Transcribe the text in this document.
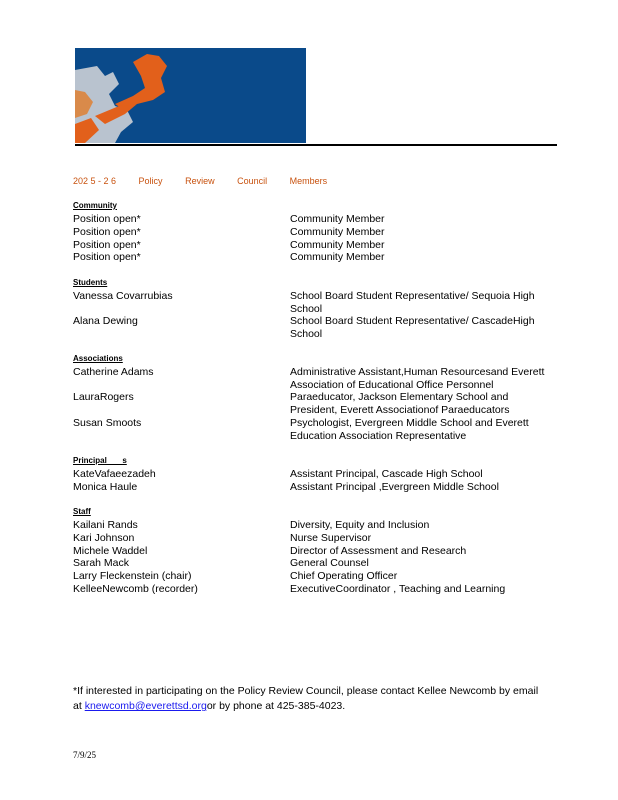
202 5 - 2 6	Policy	Review	Council	Members
Community
Position open*	Community Member
Position open*	Community Member
Position open*	Community Member
Position open*	Community Member
Students
Vanessa Covarrubias	School Board Student Representative/ Sequoia High School
Alana Dewing	School Board Student Representative/ CascadeHigh School
Associations
Catherine Adams	Administrative Assistant,Human Resourcesand Everett Association of Educational Office Personnel
LauraRogers	Paraeducator, Jackson Elementary School and President, Everett Associationof Paraeducators
Susan Smoots	Psychologist, Evergreen Middle School and Everett Education Association Representative
Principal       s
KateVafaeezadeh	Assistant Principal, Cascade High School
Monica Haule	Assistant Principal ,Evergreen Middle School
Staff
Kailani Rands	Diversity, Equity and Inclusion
Kari Johnson	Nurse Supervisor
Michele Waddel	Director of Assessment and Research
Sarah Mack	General Counsel
Larry Fleckenstein (chair)	Chief Operating Officer
KelleeNewcomb (recorder)	ExecutiveCoordinator , Teaching and Learning
*If interested in participating on the Policy Review Council, please contact Kellee Newcomb by email at knewcomb@everettsd.orgor by phone at 425-385-4023.
7/9/25
